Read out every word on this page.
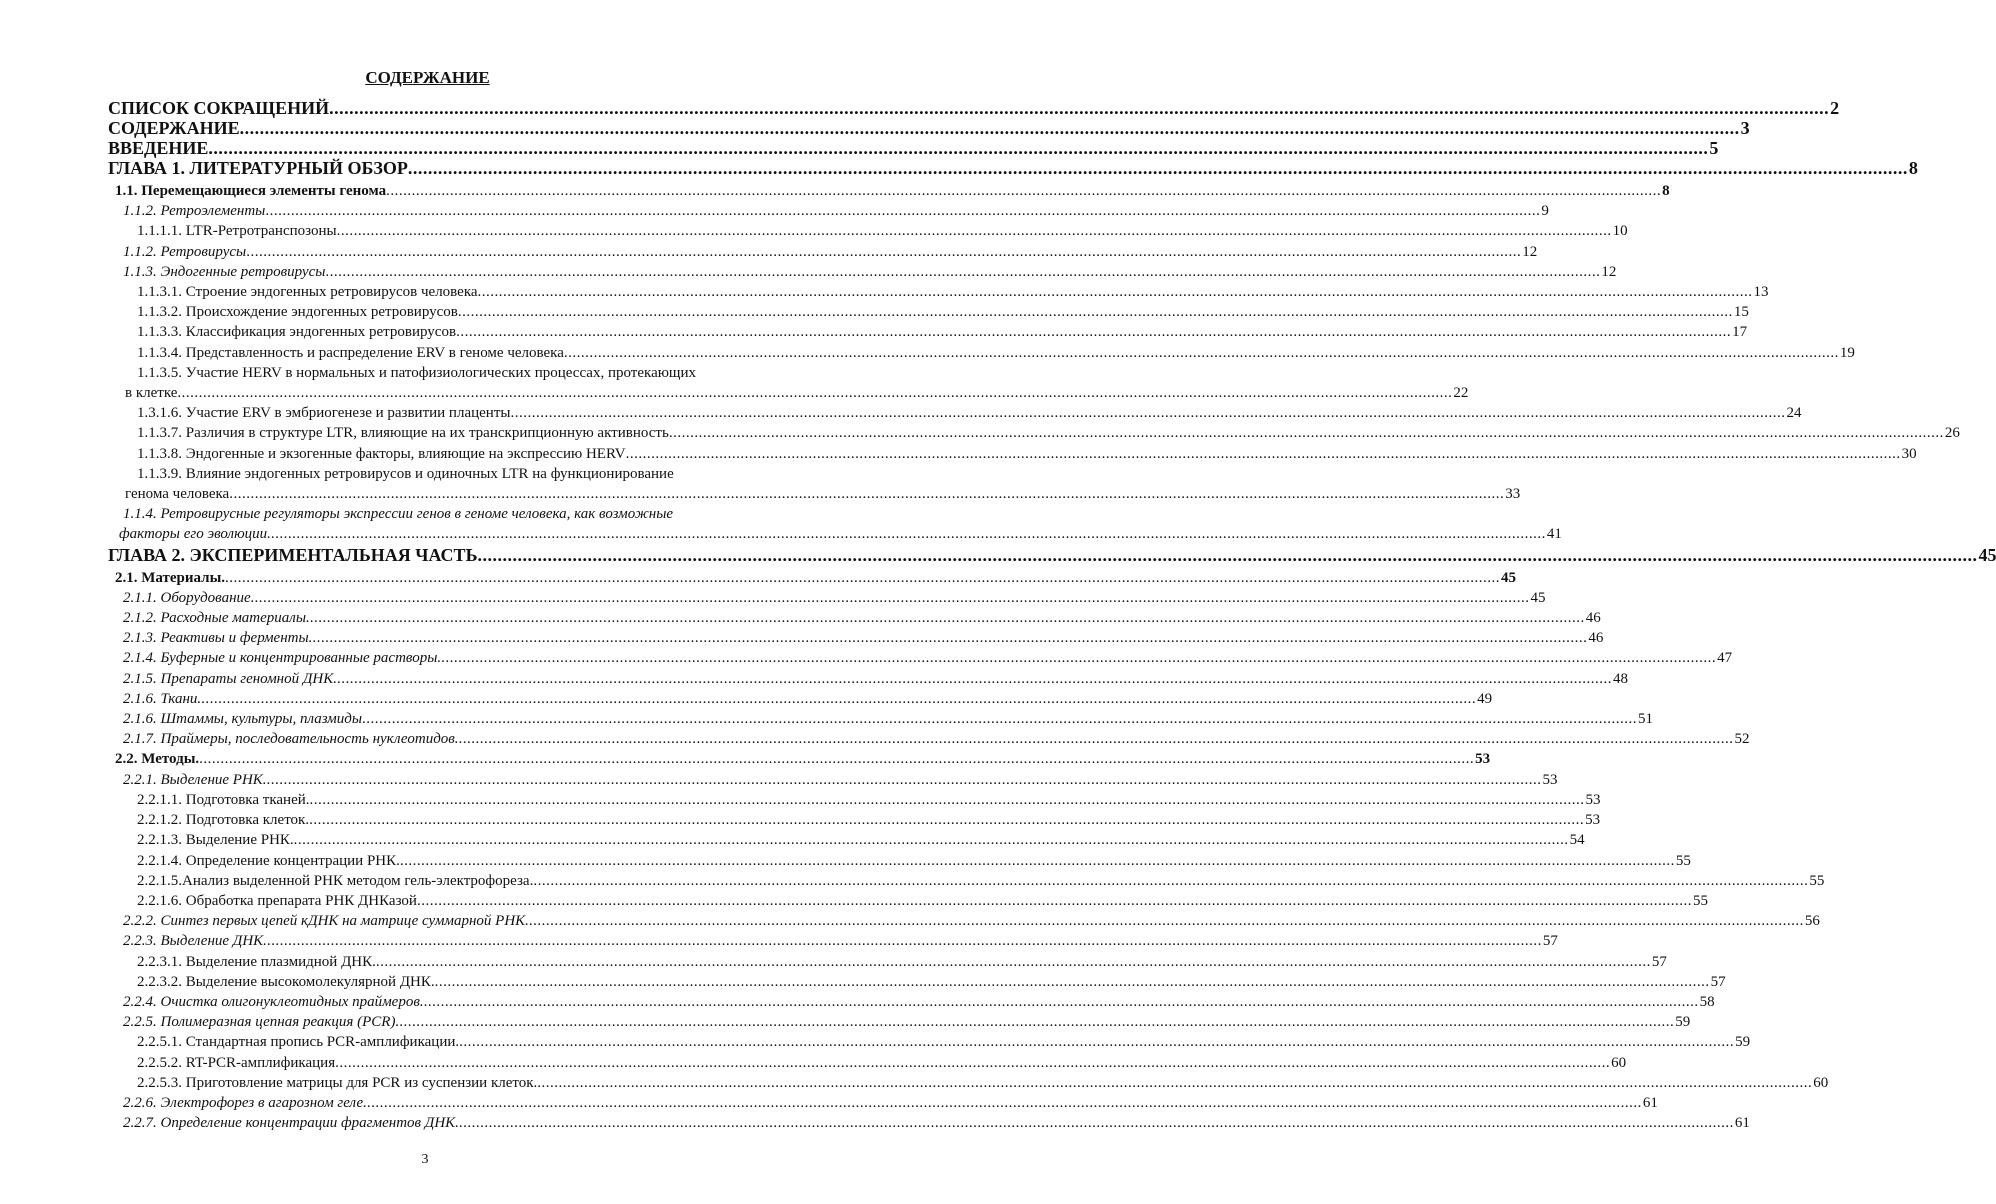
СОДЕРЖАНИЕ
СПИСОК СОКРАЩЕНИЙ ............................................................................................................................................................................................................................................................................................................ 2
СОДЕРЖАНИЕ ............................................................................................................................................................................................................................................................................................................ 3
ВВЕДЕНИЕ ............................................................................................................................................................................................................................................................................................................ 5
ГЛАВА 1. ЛИТЕРАТУРНЫЙ ОБЗОР ............................................................................................................................................................................................................................................................................................................ 8
1.1. Перемещающиеся элементы генома ............................................................................................................................................................................................................................................................................................................ 8
1.1.2. Ретроэлементы ............................................................................................................................................................................................................................................................................................................ 9
1.1.1.1. LTR-Ретротранспозоны ............................................................................................................................................................................................................................................................................................................ 10
1.1.2. Ретровирусы ............................................................................................................................................................................................................................................................................................................ 12
1.1.3. Эндогенные ретровирусы ............................................................................................................................................................................................................................................................................................................ 12
1.1.3.1. Строение эндогенных ретровирусов человека ............................................................................................................................................................................................................................................................................................................ 13
1.1.3.2. Происхождение эндогенных ретровирусов ............................................................................................................................................................................................................................................................................................................ 15
1.1.3.3. Классификация эндогенных ретровирусов ............................................................................................................................................................................................................................................................................................................ 17
1.1.3.4. Представленность и распределение ERV в геноме человека ............................................................................................................................................................................................................................................................................................................ 19
1.1.3.5. Участие HERV в нормальных и патофизиологических процессах, протекающих
в клетке ............................................................................................................................................................................................................................................................................................................ 22
1.3.1.6. Участие ERV в эмбриогенезе и развитии плаценты ............................................................................................................................................................................................................................................................................................................ 24
1.1.3.7. Различия в структуре LTR, влияющие на их транскрипционную активность ............................................................................................................................................................................................................................................................................................................ 26
1.1.3.8. Эндогенные и экзогенные факторы, влияющие на экспрессию HERV ............................................................................................................................................................................................................................................................................................................ 30
1.1.3.9. Влияние эндогенных ретровирусов и одиночных LTR на функционирование
генома человека ............................................................................................................................................................................................................................................................................................................ 33
1.1.4. Ретровирусные регуляторы экспрессии генов в геноме человека, как возможные
факторы его эволюции. ............................................................................................................................................................................................................................................................................................................ 41
ГЛАВА 2. ЭКСПЕРИМЕНТАЛЬНАЯ ЧАСТЬ ............................................................................................................................................................................................................................................................................................................ 45
2.1. Материалы. ............................................................................................................................................................................................................................................................................................................ 45
2.1.1. Оборудование. ............................................................................................................................................................................................................................................................................................................ 45
2.1.2. Расходные материалы. ............................................................................................................................................................................................................................................................................................................ 46
2.1.3. Реактивы и ферменты. ............................................................................................................................................................................................................................................................................................................ 46
2.1.4. Буферные и концентрированные растворы. ............................................................................................................................................................................................................................................................................................................ 47
2.1.5. Препараты геномной ДНК. ............................................................................................................................................................................................................................................................................................................ 48
2.1.6. Ткани. ............................................................................................................................................................................................................................................................................................................ 49
2.1.6. Штаммы, культуры, плазмиды ............................................................................................................................................................................................................................................................................................................ 51
2.1.7. Праймеры, последовательность нуклеотидов. ............................................................................................................................................................................................................................................................................................................ 52
2.2. Методы. ............................................................................................................................................................................................................................................................................................................ 53
2.2.1. Выделение РНК. ............................................................................................................................................................................................................................................................................................................ 53
2.2.1.1. Подготовка тканей. ............................................................................................................................................................................................................................................................................................................ 53
2.2.1.2. Подготовка клеток. ............................................................................................................................................................................................................................................................................................................ 53
2.2.1.3. Выделение РНК. ............................................................................................................................................................................................................................................................................................................ 54
2.2.1.4. Определение концентрации РНК. ............................................................................................................................................................................................................................................................................................................ 55
2.2.1.5.Анализ выделенной РНК методом гель-электрофореза. ............................................................................................................................................................................................................................................................................................................ 55
2.2.1.6. Обработка препарата РНК ДНКазой ............................................................................................................................................................................................................................................................................................................ 55
2.2.2. Синтез первых цепей кДНК на матрице суммарной РНК. ............................................................................................................................................................................................................................................................................................................ 56
2.2.3. Выделение ДНК. ............................................................................................................................................................................................................................................................................................................ 57
2.2.3.1. Выделение плазмидной ДНК. ............................................................................................................................................................................................................................................................................................................ 57
2.2.3.2. Выделение высокомолекулярной ДНК. ............................................................................................................................................................................................................................................................................................................ 57
2.2.4. Очистка олигонуклеотидных праймеров. ............................................................................................................................................................................................................................................................................................................ 58
2.2.5. Полимеразная цепная реакция (PCR). ............................................................................................................................................................................................................................................................................................................ 59
2.2.5.1. Стандартная пропись PCR-амплификации. ............................................................................................................................................................................................................................................................................................................ 59
2.2.5.2. RT-PCR-амплификация ............................................................................................................................................................................................................................................................................................................ 60
2.2.5.3. Приготовление матрицы для PCR из суспензии клеток. ............................................................................................................................................................................................................................................................................................................ 60
2.2.6. Электрофорез в агарозном геле. ............................................................................................................................................................................................................................................................................................................ 61
2.2.7. Определение концентрации фрагментов ДНК. ............................................................................................................................................................................................................................................................................................................ 61
3
